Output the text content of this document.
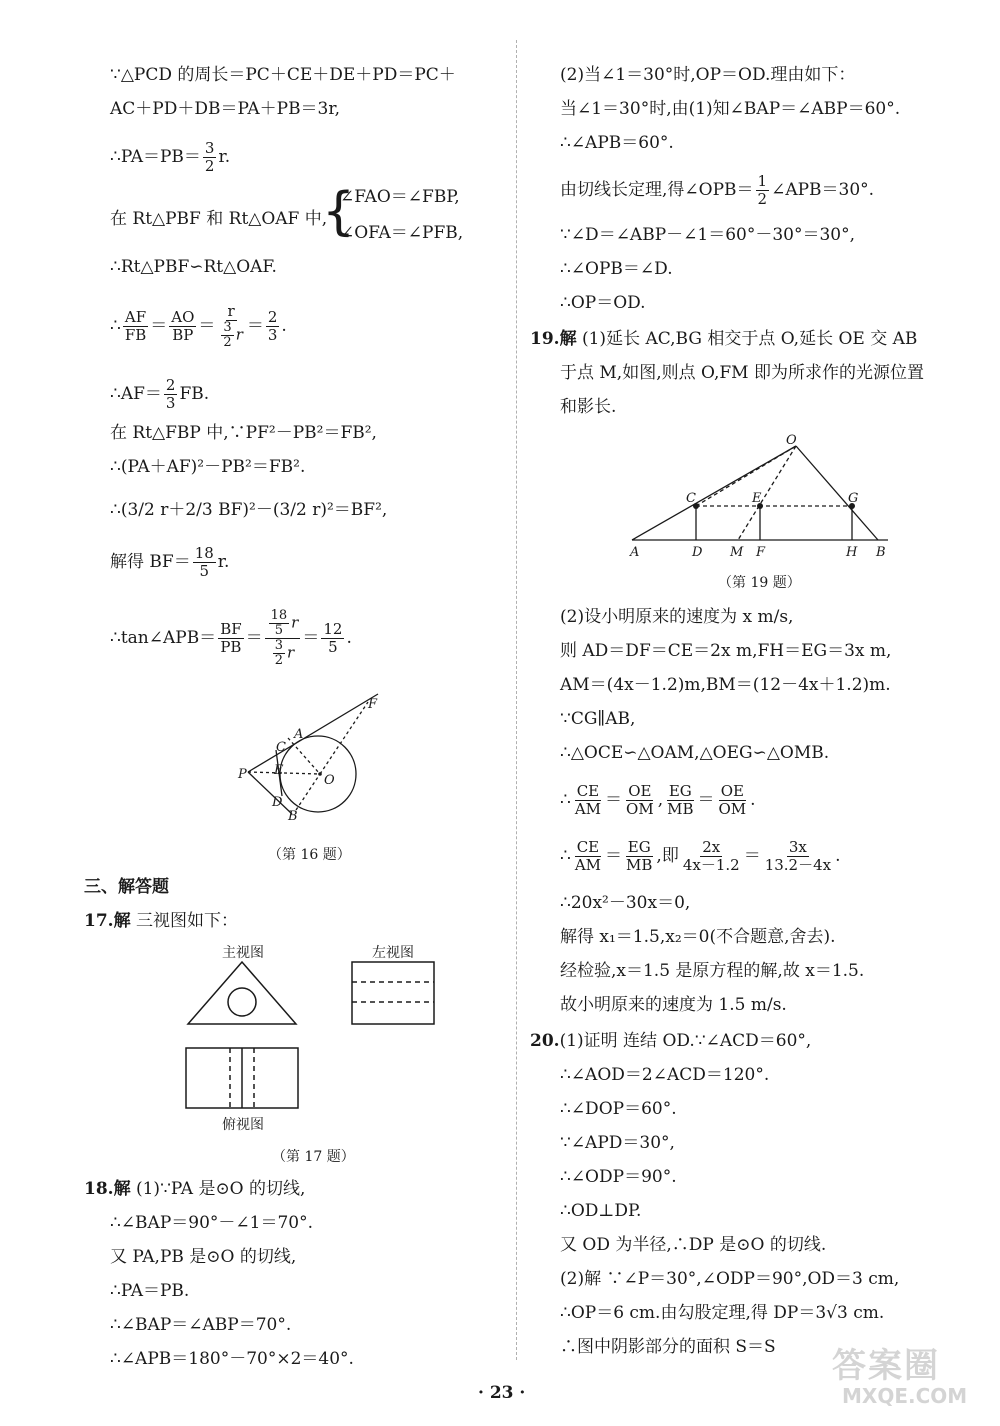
∵△PCD 的周长＝PC＋CE＋DE＋PD＝PC＋
AC＋PD＋DB＝PA＋PB＝3r,
∴PA＝PB＝ $\frac{3}{2} r$.
在 Rt△PBF 和 Rt△OAF 中,
{
∠FAO＝∠FBP,
∠OFA＝∠PFB,
∴Rt△PBF∽Rt△OAF.
∴ $\frac{AF}{FB} = \frac{AO}{BP} = \frac{r}{\frac{3}{2} r} = \frac{2}{3}$ .
∴AF＝ $\frac{2}{3}$ FB.
在 Rt△FBP 中,∵PF²－PB²＝FB²,
∴(PA＋AF)²－PB²＝FB².
∴(3/2 r＋2/3 BF)²－(3/2 r)²＝BF²,
解得 $BF= \frac{18}{5} r$.
∴tan∠APB＝ $\frac{BF}{PB} = \frac{\frac{18}{5} r}{\frac{3}{2} r} = \frac{12}{5}$ .
A
C
E
P
D
B
O
F
（第 16 题）
三、解答题
17.解 三视图如下：
主视图	左视图
俯视图
（第 17 题）
18.解 (1)∵PA 是⊙O 的切线,
∴∠BAP＝90°－∠1＝70°.
又 PA,PB 是⊙O 的切线,
∴PA＝PB.
∴∠BAP＝∠ABP＝70°.
∴∠APB＝180°－70°×2＝40°.
(2)当∠1＝30°时,OP＝OD.理由如下：
当∠1＝30°时,由(1)知∠BAP＝∠ABP＝60°.
∴∠APB＝60°.
由切线长定理,得∠OPB＝ $\frac{1}{2}$ ∠APB＝30°.
∵∠D＝∠ABP－∠1＝60°－30°＝30°,
∴∠OPB＝∠D.
∴OP＝OD.
19.解 (1)延长 AC,BG 相交于点 O,延长 OE 交 AB
于点 M,如图,则点 O,FM 即为所求作的光源位置
和影长.
O
C	E	G
A	D M F	H B
（第 19 题）
(2)设小明原来的速度为 x m/s,
则 AD＝DF＝CE＝2x m,FH＝EG＝3x m,
AM＝(4x－1.2)m,BM＝(12－4x＋1.2)m.
∵CG∥AB,
∴△OCE∽△OAM,△OEG∽△OMB.
∴ $\frac{CE}{AM} = \frac{OE}{OM}$ , $\frac{EG}{MB} = \frac{OE}{OM}$ .
∴ $\frac{CE}{AM} = \frac{EG}{MB}$ ,即 $\frac{2x}{4x-1.2} = \frac{3x}{13.2-4x}$ .
∴20x²－30x＝0,
解得 x₁＝1.5,x₂＝0(不合题意,舍去).
经检验,x＝1.5 是原方程的解,故 x＝1.5.
故小明原来的速度为 1.5 m/s.
20.(1)证明 连结 OD.∵∠ACD＝60°,
∴∠AOD＝2∠ACD＝120°.
∴∠DOP＝60°.
∵∠APD＝30°,
∴∠ODP＝90°.
∴OD⊥DP.
又 OD 为半径,∴DP 是⊙O 的切线.
(2)解 ∵∠P＝30°,∠ODP＝90°,OD＝3 cm,
∴OP＝6 cm.由勾股定理,得 DP＝3√3 cm.
∴图中阴影部分的面积 S＝S 答案圈
MXQE.COM
· 23 ·
